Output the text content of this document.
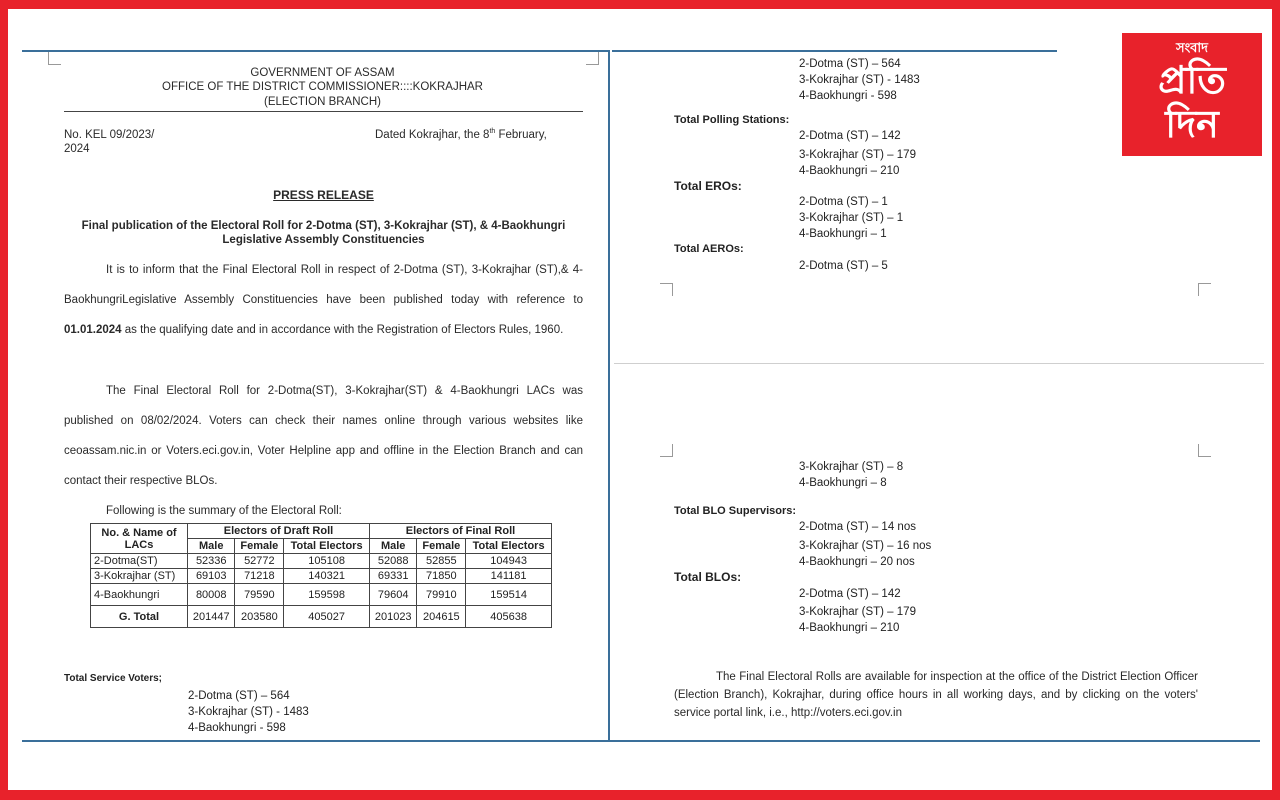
GOVERNMENT OF ASSAM
OFFICE OF THE DISTRICT COMMISSIONER::::KOKRAJHAR
(ELECTION BRANCH)
No. KEL 09/2023/
2024
Dated Kokrajhar, the 8th February,
PRESS RELEASE
Final publication of the Electoral Roll for 2-Dotma (ST), 3-Kokrajhar (ST), & 4-Baokhungri
Legislative Assembly Constituencies
It is to inform that the Final Electoral Roll in respect of 2-Dotma (ST), 3-Kokrajhar (ST),& 4-BaokhungriLegislative Assembly Constituencies have been published today with reference to 01.01.2024 as the qualifying date and in accordance with the Registration of Electors Rules, 1960.
The Final Electoral Roll for 2-Dotma(ST), 3-Kokrajhar(ST) & 4-Baokhungri LACs was published on 08/02/2024. Voters can check their names online through various websites like ceoassam.nic.in or Voters.eci.gov.in, Voter Helpline app and offline in the Election Branch and can contact their respective BLOs.
Following is the summary of the Electoral Roll:
No. & Name of LACs	Electors of Draft Roll			Electors of Final Roll		
	Male	Female	Total Electors	Male	Female	Total Electors
2-Dotma(ST)	52336	52772	105108	52088	52855	104943
3-Kokrajhar (ST)	69103	71218	140321	69331	71850	141181
4-Baokhungri	80008	79590	159598	79604	79910	159514
G. Total	201447	203580	405027	201023	204615	405638
Total Service Voters;
2-Dotma (ST) – 564
3-Kokrajhar (ST) - 1483
4-Baokhungri - 598
2-Dotma (ST) – 564
3-Kokrajhar (ST) - 1483
4-Baokhungri - 598
Total Polling Stations:
2-Dotma (ST) – 142
3-Kokrajhar (ST) – 179
4-Baokhungri – 210
Total EROs:
2-Dotma (ST) – 1
3-Kokrajhar (ST) – 1
4-Baokhungri – 1
Total AEROs:
2-Dotma (ST) – 5
3-Kokrajhar (ST) – 8
4-Baokhungri – 8
Total BLO Supervisors:
2-Dotma (ST) – 14 nos
3-Kokrajhar (ST) – 16 nos
4-Baokhungri – 20 nos
Total BLOs:
2-Dotma (ST) – 142
3-Kokrajhar (ST) – 179
4-Baokhungri – 210
The Final Electoral Rolls are available for inspection at the office of the District Election Officer (Election Branch), Kokrajhar, during office hours in all working days, and by clicking on the voters' service portal link, i.e., http://voters.eci.gov.in
সংবাদ
প্রতি
দিন
